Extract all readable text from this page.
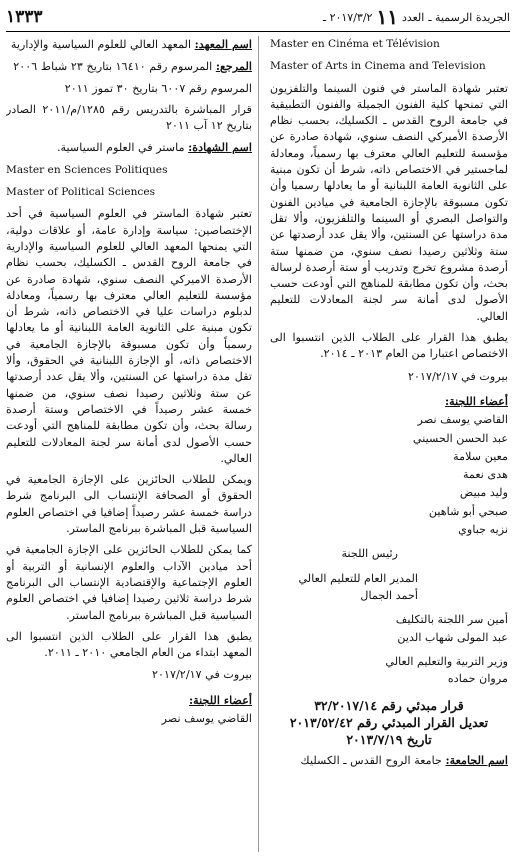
الجريدة الرسمية ـ
العدد
١١
٢٠١٧/٣/٢ ـ
١٣٣٣

Master en Cinéma et Télévision

Master of Arts in Cinema and Television

تعتبر شهادة الماستر في فنون السينما والتلفزيون التي تمنحها كلية الفنون الجميلة والفنون التطبيقية في جامعة الروح القدس ـ الكسليك، بحسب نظام الأرصدة الأميركي النصف سنوي، شهادة صادرة عن مؤسسة للتعليم العالي معترف بها رسمياً، ومعادلة لماجستير في الاختصاص ذاته، شرط أن تكون مبنية على الثانوية العامة اللبنانية أو ما يعادلها رسميا وأن تكون مسبوقة بالإجازة الجامعية في ميادين الفنون والتواصل البصري أو السينما والتلفزيون، وألا تقل مدة دراستها عن السنتين، وألا يقل عدد أرصدتها عن ستة وثلاثين رصيدا نصف سنوي، من ضمنها ستة أرصدة مشروع تخرج وتدريب أو ستة أرصدة لرسالة بحث، وأن تكون مطابقة للمناهج التي أودعت حسب الأصول لدى أمانة سر لجنة المعادلات للتعليم العالي.

يطبق هذا القرار على الطلاب الذين انتسبوا الى الاختصاص اعتبارا من العام ٢٠١٣ ـ ٢٠١٤.

بيروت في ٢٠١٧/٢/١٧

أعضاء اللجنة:

القاضي يوسف نصر

عبد الحسن الحسيني

معين سلامة

هدى نعمة

وليد مبيض

صبحي أبو شاهين

نزيه جباوي

رئيس اللجنة

المدير العام للتعليم العالي

أحمد الجمال

أمين سر اللجنة بالتكليف

عبد المولى شهاب الدين

وزير التربية والتعليم العالي

مروان حماده

قرار مبدئي رقم ٣٢/٢٠١٧/١٤

تعديل القرار المبدئي رقم ٢٠١٣/٥٢/٤٢

تاريخ ٢٠١٣/٧/١٩

اسم الجامعة: جامعة الروح القدس ـ الكسليك

اسم المعهد: المعهد العالي للعلوم السياسية والإدارية

المرجع: المرسوم رقم ١٦٤١٠ بتاريخ ٢٣ شباط ٢٠٠٦

المرسوم رقم ٦٠٠٧ بتاريخ ٣٠ تموز ٢٠١١

قرار المباشرة بالتدريس رقم ١٢٨٥/م/٢٠١١ الصادر بتاريخ ١٢ آب ٢٠١١

اسم الشهادة: ماستر في العلوم السياسية.

Master en Sciences Politiques

Master of Political Sciences

تعتبر شهادة الماستر في العلوم السياسية في أحد الإختصاصين: سياسة وإدارة عامة، أو علاقات دولية، التي يمنحها المعهد العالي للعلوم السياسية والإدارية في جامعة الروح القدس ـ الكسليك، بحسب نظام الأرصدة الاميركي النصف سنوي، شهادة صادرة عن مؤسسة للتعليم العالي معترف بها رسمياً، ومعادلة لدبلوم دراسات عليا في الاختصاص ذاته، شرط أن تكون مبنية على الثانوية العامة اللبنانية أو ما يعادلها رسمياً وأن تكون مسبوقة بالإجازة الجامعية في الاختصاص ذاته، أو الإجازة اللبنانية في الحقوق، وألا تقل مدة دراستها عن السنتين، وألا يقل عدد أرصدتها عن ستة وثلاثين رصيدا نصف سنوي، من ضمنها خمسة عشر رصيداً في الاختصاص وستة أرصدة رسالة بحث، وأن تكون مطابقة للمناهج التي أودعت حسب الأصول لدى أمانة سر لجنة المعادلات للتعليم العالي.

ويمكن للطلاب الحائزين على الإجازة الجامعية في الحقوق أو الصحافة الإنتساب الى البرنامج شرط دراسة خمسة عشر رصيداً إضافيا في اختصاص العلوم السياسية قبل المباشرة ببرنامج الماستر.

كما يمكن للطلاب الحائزين على الإجازة الجامعية في أحد ميادين الآداب والعلوم الإنسانية أو التربية أو العلوم الإجتماعية والإقتصادية الإنتساب الى البرنامج شرط دراسة ثلاثين رصيدا إضافيا في اختصاص العلوم السياسية قبل المباشرة ببرنامج الماستر.

يطبق هذا القرار على الطلاب الذين انتسبوا الى المعهد ابتداء من العام الجامعي ٢٠١٠ ـ ٢٠١١.

بيروت في ٢٠١٧/٢/١٧

أعضاء اللجنة:

القاضي يوسف نصر
